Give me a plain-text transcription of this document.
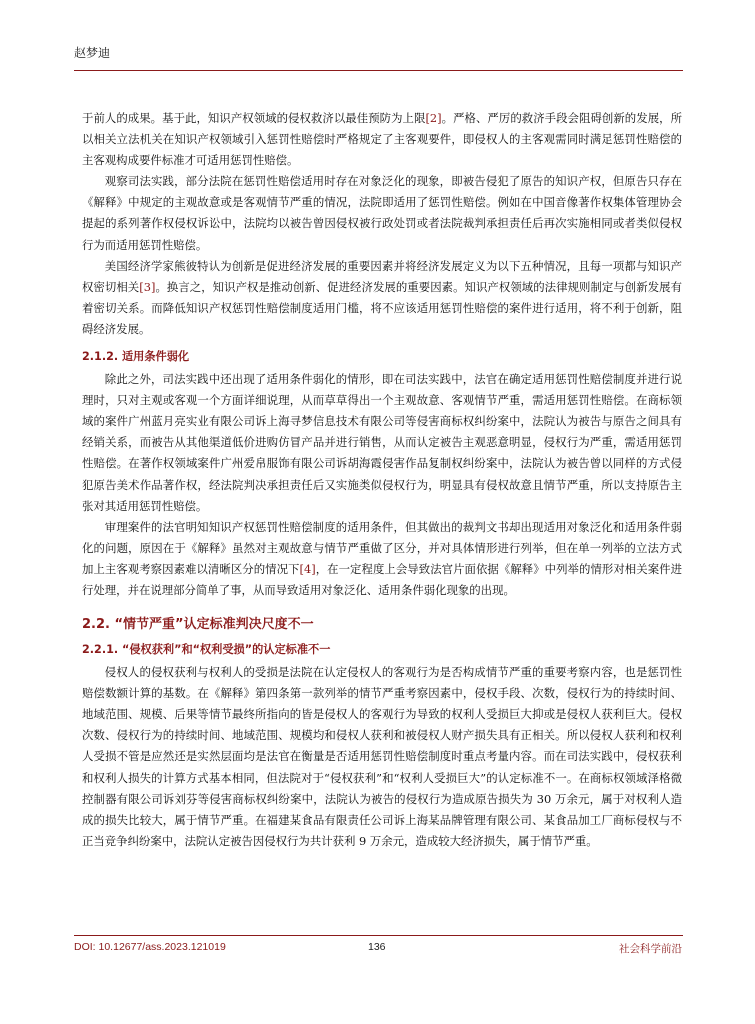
赵梦迪

于前人的成果。基于此，知识产权领域的侵权救济以最佳预防为上限[2]。严格、严厉的救济手段会阻碍创新的发展，所以相关立法机关在知识产权领域引入惩罚性赔偿时严格规定了主客观要件，即侵权人的主客观需同时满足惩罚性赔偿的主客观构成要件标准才可适用惩罚性赔偿。

观察司法实践，部分法院在惩罚性赔偿适用时存在对象泛化的现象，即被告侵犯了原告的知识产权，但原告只存在《解释》中规定的主观故意或是客观情节严重的情况，法院即适用了惩罚性赔偿。例如在中国音像著作权集体管理协会提起的系列著作权侵权诉讼中，法院均以被告曾因侵权被行政处罚或者法院裁判承担责任后再次实施相同或者类似侵权行为而适用惩罚性赔偿。

美国经济学家熊彼特认为创新是促进经济发展的重要因素并将经济发展定义为以下五种情况，且每一项都与知识产权密切相关[3]。换言之，知识产权是推动创新、促进经济发展的重要因素。知识产权领域的法律规则制定与创新发展有着密切关系。而降低知识产权惩罚性赔偿制度适用门槛，将不应该适用惩罚性赔偿的案件进行适用，将不利于创新，阻碍经济发展。

2.1.2. 适用条件弱化

除此之外，司法实践中还出现了适用条件弱化的情形，即在司法实践中，法官在确定适用惩罚性赔偿制度并进行说理时，只对主观或客观一个方面详细说理，从而草草得出一个主观故意、客观情节严重，需适用惩罚性赔偿。在商标领域的案件广州蓝月亮实业有限公司诉上海寻梦信息技术有限公司等侵害商标权纠纷案中，法院认为被告与原告之间具有经销关系，而被告从其他渠道低价进购仿冒产品并进行销售，从而认定被告主观恶意明显，侵权行为严重，需适用惩罚性赔偿。在著作权领域案件广州爱帛服饰有限公司诉胡海霞侵害作品复制权纠纷案中，法院认为被告曾以同样的方式侵犯原告美术作品著作权，经法院判决承担责任后又实施类似侵权行为，明显具有侵权故意且情节严重，所以支持原告主张对其适用惩罚性赔偿。

审理案件的法官明知知识产权惩罚性赔偿制度的适用条件，但其做出的裁判文书却出现适用对象泛化和适用条件弱化的问题，原因在于《解释》虽然对主观故意与情节严重做了区分，并对具体情形进行列举，但在单一列举的立法方式加上主客观考察因素难以清晰区分的情况下[4]，在一定程度上会导致法官片面依据《解释》中列举的情形对相关案件进行处理，并在说理部分简单了事，从而导致适用对象泛化、适用条件弱化现象的出现。

2.2. “情节严重”认定标准判决尺度不一
2.2.1. “侵权获利”和“权利受损”的认定标准不一

侵权人的侵权获利与权利人的受损是法院在认定侵权人的客观行为是否构成情节严重的重要考察内容，也是惩罚性赔偿数额计算的基数。在《解释》第四条第一款列举的情节严重考察因素中，侵权手段、次数，侵权行为的持续时间、地域范围、规模、后果等情节最终所指向的皆是侵权人的客观行为导致的权利人受损巨大抑或是侵权人获利巨大。侵权次数、侵权行为的持续时间、地域范围、规模均和侵权人获利和被侵权人财产损失具有正相关。所以侵权人获利和权利人受损不管是应然还是实然层面均是法官在衡量是否适用惩罚性赔偿制度时重点考量内容。而在司法实践中，侵权获利和权利人损失的计算方式基本相同，但法院对于“侵权获利”和“权利人受损巨大”的认定标准不一。在商标权领域泽格微控制器有限公司诉刘芬等侵害商标权纠纷案中，法院认为被告的侵权行为造成原告损失为 30 万余元，属于对权利人造成的损失比较大，属于情节严重。在福建某食品有限责任公司诉上海某品牌管理有限公司、某食品加工厂商标侵权与不正当竞争纠纷案中，法院认定被告因侵权行为共计获利 9 万余元，造成较大经济损失，属于情节严重。

DOI: 10.12677/ass.2023.121019	136	社会科学前沿
